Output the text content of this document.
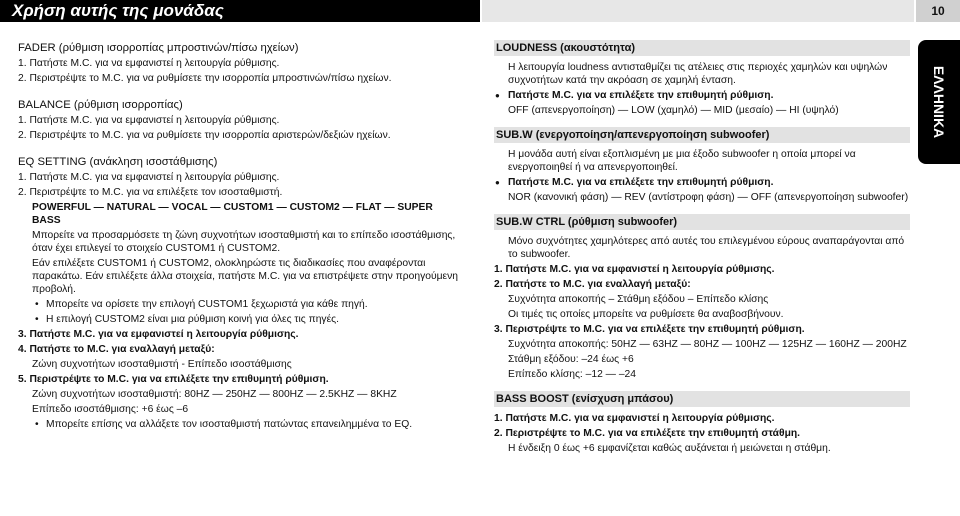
Χρήση αυτής της μονάδας	10
ΕΛΛΗΝΙΚΑ
FADER (ρύθμιση ισορροπίας μπροστινών/πίσω ηχείων)
1. Πατήστε Μ.C. για να εμφανιστεί η λειτουργία ρύθμισης.
2. Περιστρέψτε το Μ.C. για να ρυθμίσετε την ισορροπία μπροστινών/πίσω ηχείων.
BALANCE (ρύθμιση ισορροπίας)
1. Πατήστε Μ.C. για να εμφανιστεί η λειτουργία ρύθμισης.
2. Περιστρέψτε το Μ.C. για να ρυθμίσετε την ισορροπία αριστερών/δεξιών ηχείων.
EQ SETTING (ανάκληση ισοστάθμισης)
1. Πατήστε Μ.C. για να εμφανιστεί η λειτουργία ρύθμισης.
2. Περιστρέψτε το Μ.C. για να επιλέξετε τον ισοσταθμιστή.
POWERFUL — NATURAL — VOCAL — CUSTOM1 — CUSTOM2 — FLAT — SUPER BASS
Μπορείτε να προσαρμόσετε τη ζώνη συχνοτήτων ισοσταθμιστή και το επίπεδο ισοστάθμισης, όταν έχει επιλεγεί το στοιχείο CUSTOM1 ή CUSTOM2.
Εάν επιλέξετε CUSTOM1 ή CUSTOM2, ολοκληρώστε τις διαδικασίες που αναφέρονται παρακάτω. Εάν επιλέξετε άλλα στοιχεία, πατήστε M.C. για να επιστρέψετε στην προηγούμενη προβολή.
• Μπορείτε να ορίσετε την επιλογή CUSTOM1 ξεχωριστά για κάθε πηγή.
• Η επιλογή CUSTOM2 είναι μια ρύθμιση κοινή για όλες τις πηγές.
3. Πατήστε Μ.C. για να εμφανιστεί η λειτουργία ρύθμισης.
4. Πατήστε το M.C. για εναλλαγή μεταξύ:
Ζώνη συχνοτήτων ισοσταθμιστή - Επίπεδο ισοστάθμισης
5. Περιστρέψτε το M.C. για να επιλέξετε την επιθυμητή ρύθμιση.
Ζώνη συχνοτήτων ισοσταθμιστή: 80HZ — 250HZ — 800HZ — 2.5KHZ — 8KHZ
Επίπεδο ισοστάθμισης: +6 έως –6
• Μπορείτε επίσης να αλλάξετε τον ισοσταθμιστή πατώντας επανειλημμένα το EQ.
LOUDNESS (ακουστότητα)
Η λειτουργία loudness αντισταθμίζει τις ατέλειες στις περιοχές χαμηλών και υψηλών συχνοτήτων κατά την ακρόαση σε χαμηλή ένταση.
● Πατήστε M.C. για να επιλέξετε την επιθυμητή ρύθμιση.
OFF (απενεργοποίηση) — LOW (χαμηλό) — MID (μεσαίο) — HI (υψηλό)
SUB.W (ενεργοποίηση/απενεργοποίηση subwoofer)
Η μονάδα αυτή είναι εξοπλισμένη με μια έξοδο subwoofer η οποία μπορεί να ενεργοποιηθεί ή να απενεργοποιηθεί.
● Πατήστε M.C. για να επιλέξετε την επιθυμητή ρύθμιση.
NOR (κανονική φάση) — REV (αντίστροφη φάση) — OFF (απενεργοποίηση subwoofer)
SUB.W CTRL (ρύθμιση subwoofer)
Μόνο συχνότητες χαμηλότερες από αυτές του επιλεγμένου εύρους αναπαράγονται από το subwoofer.
1. Πατήστε M.C. για να εμφανιστεί η λειτουργία ρύθμισης.
2. Πατήστε το M.C. για εναλλαγή μεταξύ:
Συχνότητα αποκοπής – Στάθμη εξόδου – Επίπεδο κλίσης
Οι τιμές τις οποίες μπορείτε να ρυθμίσετε θα αναβοσβήνουν.
3. Περιστρέψτε το M.C. για να επιλέξετε την επιθυμητή ρύθμιση.
Συχνότητα αποκοπής: 50HZ — 63HZ — 80HZ — 100HZ — 125HZ — 160HZ — 200HZ
Στάθμη εξόδου: –24 έως +6
Επίπεδο κλίσης: –12 — –24
BASS BOOST (ενίσχυση μπάσου)
1. Πατήστε M.C. για να εμφανιστεί η λειτουργία ρύθμισης.
2. Περιστρέψτε το M.C. για να επιλέξετε την επιθυμητή στάθμη.
Η ένδειξη 0 έως +6 εμφανίζεται καθώς αυξάνεται ή μειώνεται η στάθμη.
